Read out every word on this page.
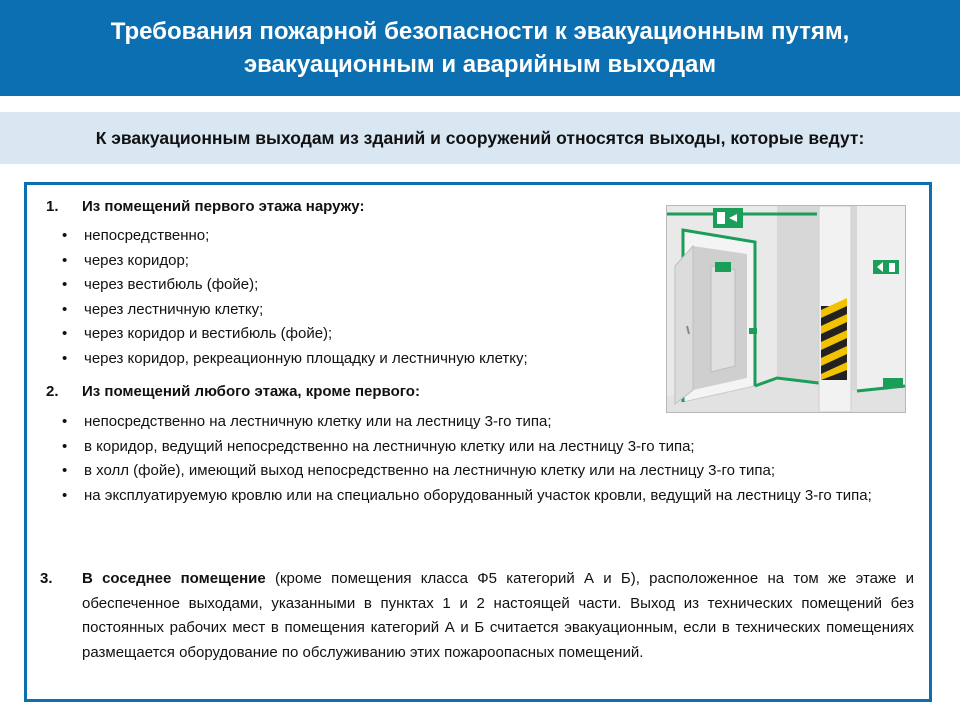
Требования пожарной безопасности к эвакуационным путям, эвакуационным и аварийным выходам
К эвакуационным выходам из зданий и сооружений относятся выходы, которые ведут:
1.	Из помещений первого этажа наружу:
• непосредственно;
• через коридор;
• через вестибюль (фойе);
• через лестничную клетку;
• через коридор и вестибюль (фойе);
• через коридор, рекреационную площадку и лестничную клетку;
2.	Из помещений любого этажа, кроме первого:
• непосредственно на лестничную клетку или на лестницу 3-го типа;
• в коридор, ведущий непосредственно на лестничную клетку или на лестницу 3-го типа;
• в холл (фойе), имеющий выход непосредственно на лестничную клетку или на лестницу 3-го типа;
• на эксплуатируемую кровлю или на специально оборудованный участок кровли, ведущий на лестницу 3-го типа;
3.	В соседнее помещение (кроме помещения класса Ф5 категорий А и Б), расположенное на том же этаже и обеспеченное выходами, указанными в пунктах 1 и 2 настоящей части. Выход из технических помещений без постоянных рабочих мест в помещения категорий А и Б считается эвакуационным, если в технических помещениях размещается оборудование по обслуживанию этих пожароопасных помещений.
